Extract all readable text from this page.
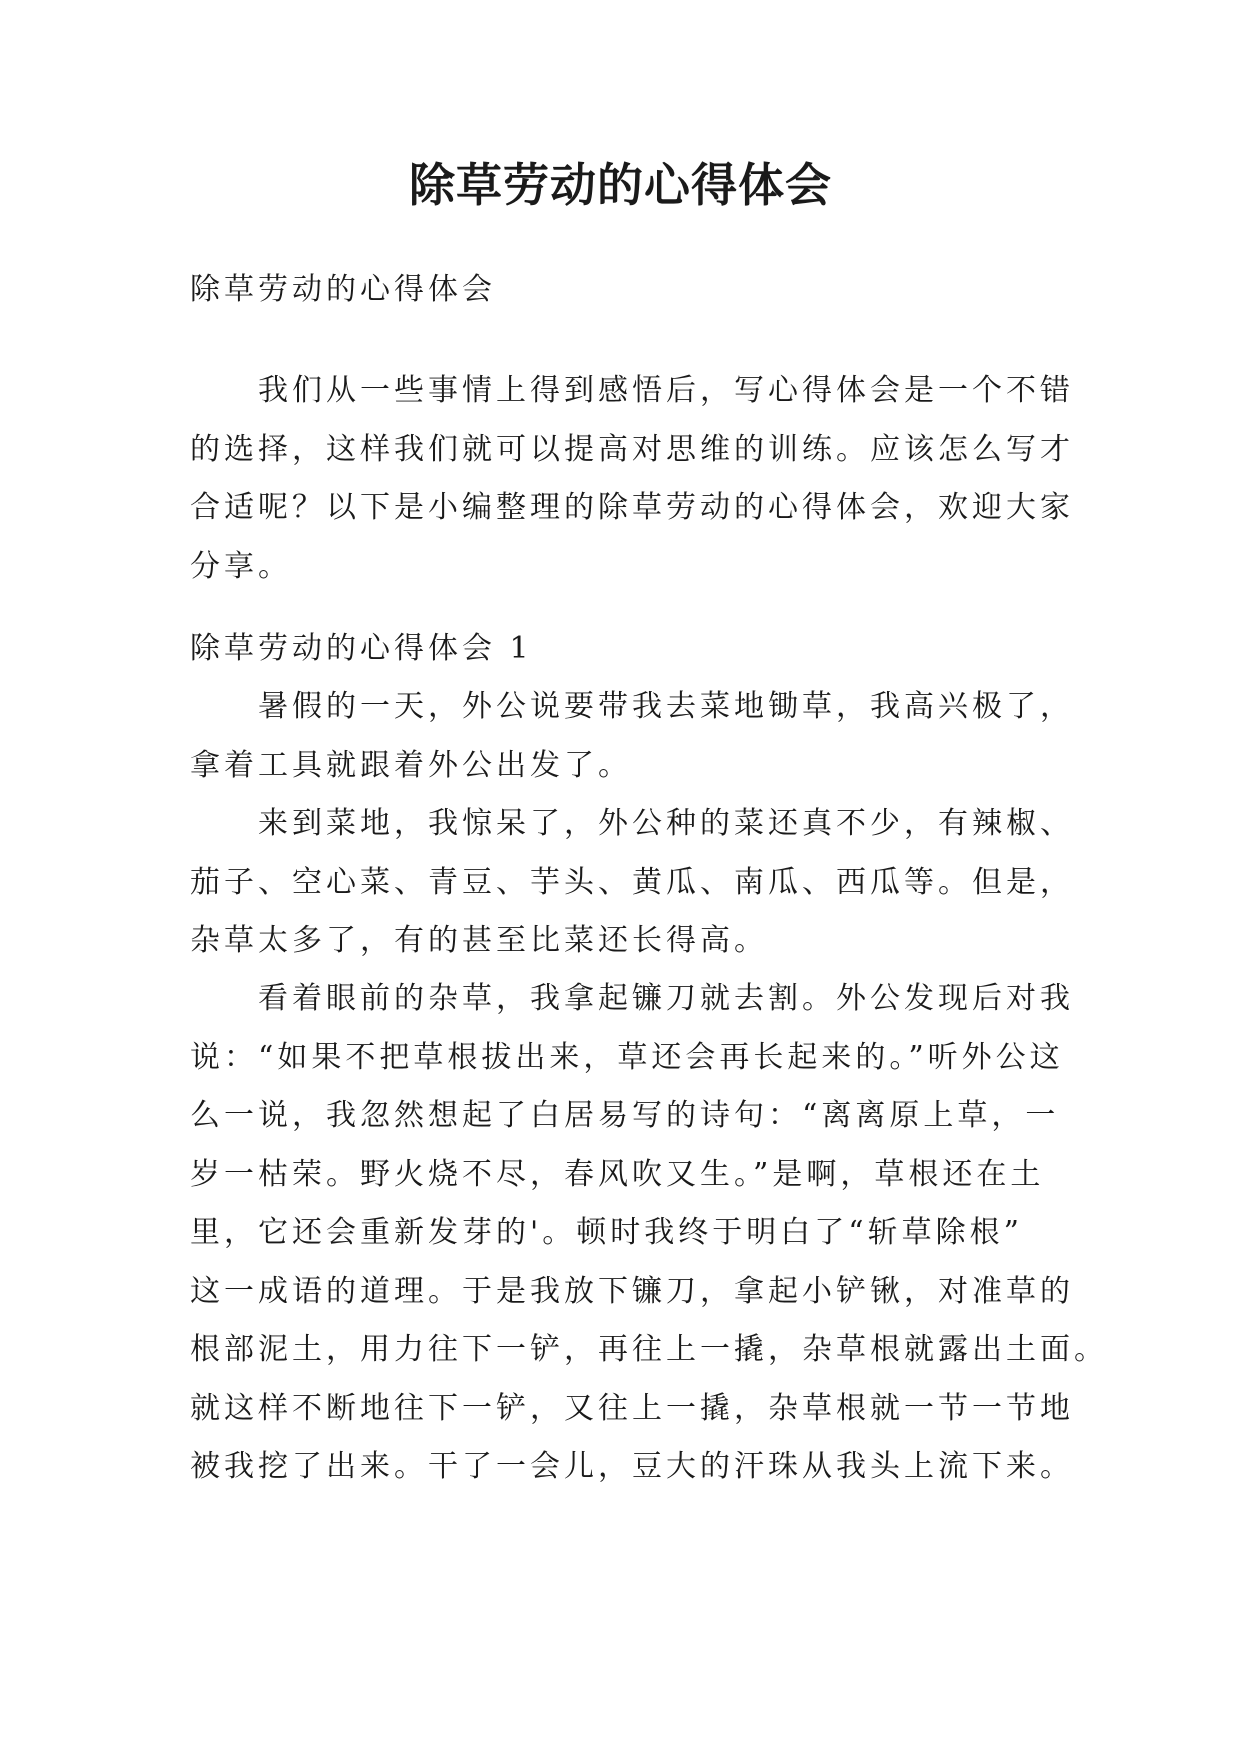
除草劳动的心得体会
除草劳动的心得体会
我们从一些事情上得到感悟后，写心得体会是一个不错
的选择，这样我们就可以提高对思维的训练。应该怎么写才
合适呢？以下是小编整理的除草劳动的心得体会，欢迎大家
分享。
除草劳动的心得体会 1
暑假的一天，外公说要带我去菜地锄草，我高兴极了，
拿着工具就跟着外公出发了。
来到菜地，我惊呆了，外公种的菜还真不少，有辣椒、
茄子、空心菜、青豆、芋头、黄瓜、南瓜、西瓜等。但是，
杂草太多了，有的甚至比菜还长得高。
看着眼前的杂草，我拿起镰刀就去割。外公发现后对我
说：“如果不把草根拔出来，草还会再长起来的。”听外公这
么一说，我忽然想起了白居易写的诗句：“离离原上草，一
岁一枯荣。野火烧不尽，春风吹又生。”是啊，草根还在土
里，它还会重新发芽的'。顿时我终于明白了“斩草除根”
这一成语的道理。于是我放下镰刀，拿起小铲锹，对准草的
根部泥土，用力往下一铲，再往上一撬，杂草根就露出土面。
就这样不断地往下一铲，又往上一撬，杂草根就一节一节地
被我挖了出来。干了一会儿，豆大的汗珠从我头上流下来。
